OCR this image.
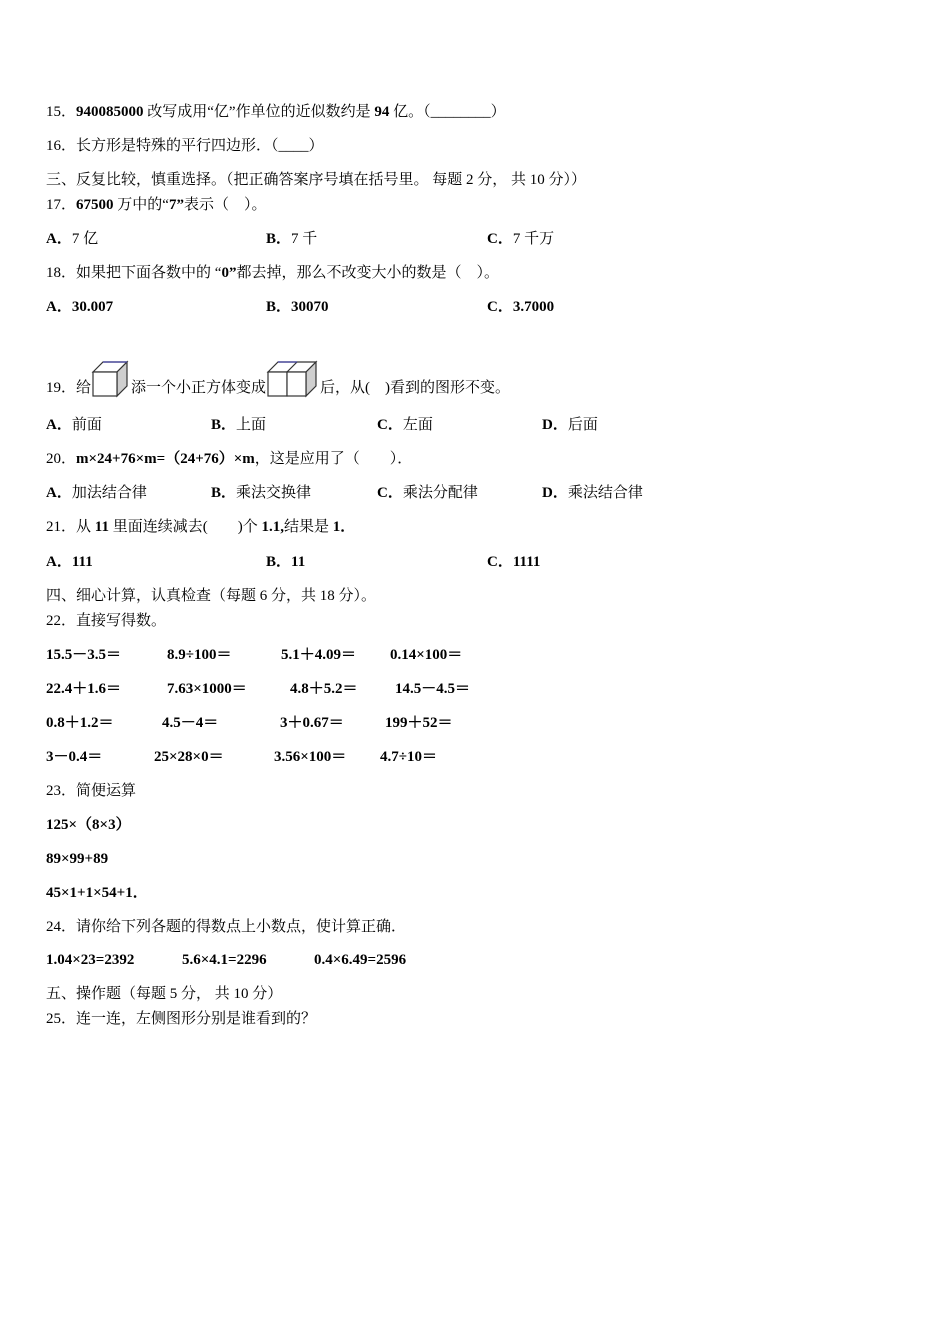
15．940085000 改写成用“亿”作单位的近似数约是 94 亿。（________）
16．长方形是特殊的平行四边形．（____）
三、反复比较，慎重选择。（把正确答案序号填在括号里。 每题 2 分， 共 10 分））
17．67500 万中的“7”表示（　）。
A．7 亿	B．7 千	C．7 千万
18．如果把下面各数中的 “0”都去掉，那么不改变大小的数是（　）。
A．30.007	B．30070	C．3.7000
19．给	添一个小正方体变成	后，从(　)看到的图形不变。
A．前面	B．上面	C．左面	D．后面
20．m×24+76×m=（24+76）×m，这是应用了（　　）．
A．加法结合律	B．乘法交换律	C．乘法分配律	D．乘法结合律
21．从 11 里面连续减去(　　)个 1.1,结果是 1．
A．111	B．11	C．1111
四、细心计算，认真检查（每题 6 分，共 18 分）。
22．直接写得数。
15.5－3.5＝	8.9÷100＝	5.1＋4.09＝ 0.14×100＝
22.4＋1.6＝	7.63×1000＝	4.8＋5.2＝ 14.5－4.5＝
0.8＋1.2＝	4.5－4＝	3＋0.67＝	199＋52＝
3－0.4＝	25×28×0＝	3.56×100＝ 4.7÷10＝
23．简便运算
125×（8×3）
89×99+89
45×1+1×54+1．
24．请你给下列各题的得数点上小数点，使计算正确．
1.04×23=2392	5.6×4.1=2296	0.4×6.49=2596
五、操作题（每题 5 分， 共 10 分）
25．连一连，左侧图形分别是谁看到的？
